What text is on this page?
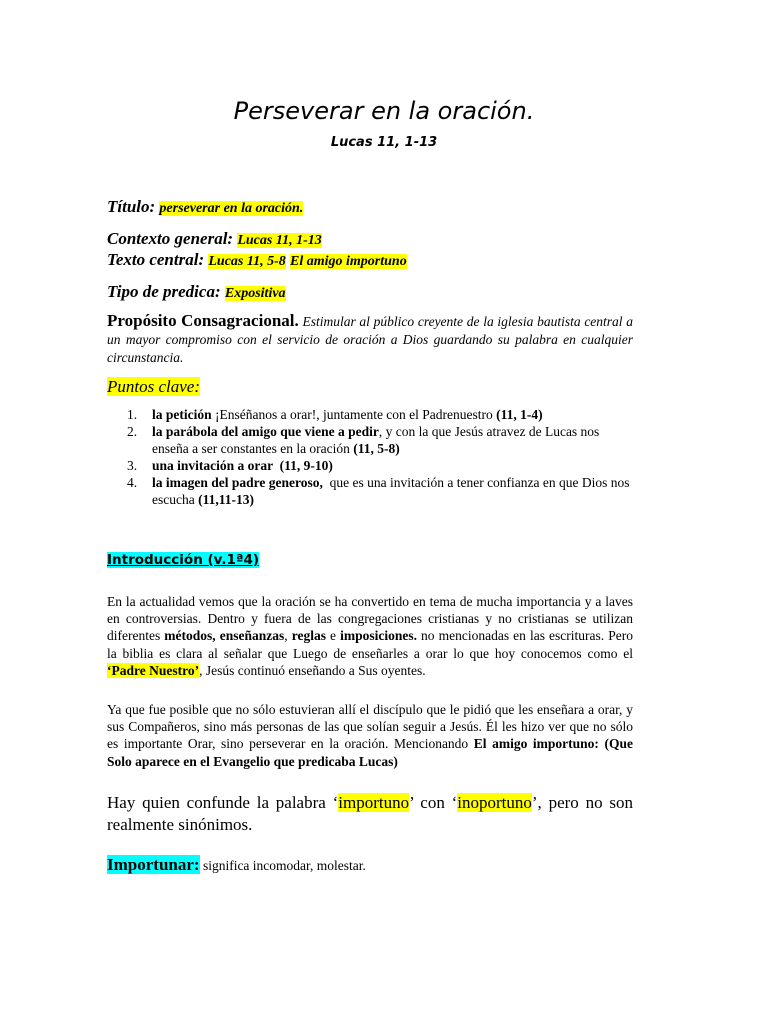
Perseverar en la oración.
Lucas 11, 1-13
Título: perseverar en la oración.
Contexto general: Lucas 11, 1-13
Texto central: Lucas 11, 5-8 El amigo importuno
Tipo de predica: Expositiva
Propósito Consagracional. Estimular al público creyente de la iglesia bautista central a un mayor compromiso con el servicio de oración a Dios guardando su palabra en cualquier circunstancia.
Puntos clave:
1. la petición ¡Enséñanos a orar!, juntamente con el Padrenuestro (11, 1-4)
2. la parábola del amigo que viene a pedir, y con la que Jesús atravez de Lucas nos enseña a ser constantes en la oración (11, 5-8)
3. una invitación a orar  (11, 9-10)
4. la imagen del padre generoso,  que es una invitación a tener confianza en que Dios nos escucha (11,11-13)
Introducción (v.1ª4)
En la actualidad vemos que la oración se ha convertido en tema de mucha importancia y a laves en controversias. Dentro y fuera de las congregaciones cristianas y no cristianas se utilizan diferentes métodos, enseñanzas, reglas e imposiciones. no mencionadas en las escrituras. Pero la biblia es clara al señalar que Luego de enseñarles a orar lo que hoy conocemos como el ‘Padre Nuestro’, Jesús continuó enseñando a Sus oyentes.
Ya que fue posible que no sólo estuvieran allí el discípulo que le pidió que les enseñara a orar, y sus Compañeros, sino más personas de las que solían seguir a Jesús. Él les hizo ver que no sólo es importante Orar, sino perseverar en la oración. Mencionando El amigo importuno: (Que Solo aparece en el Evangelio que predicaba Lucas)
Hay quien confunde la palabra ‘importuno’ con ‘inoportuno’, pero no son realmente sinónimos.
Importunar: significa incomodar, molestar.
